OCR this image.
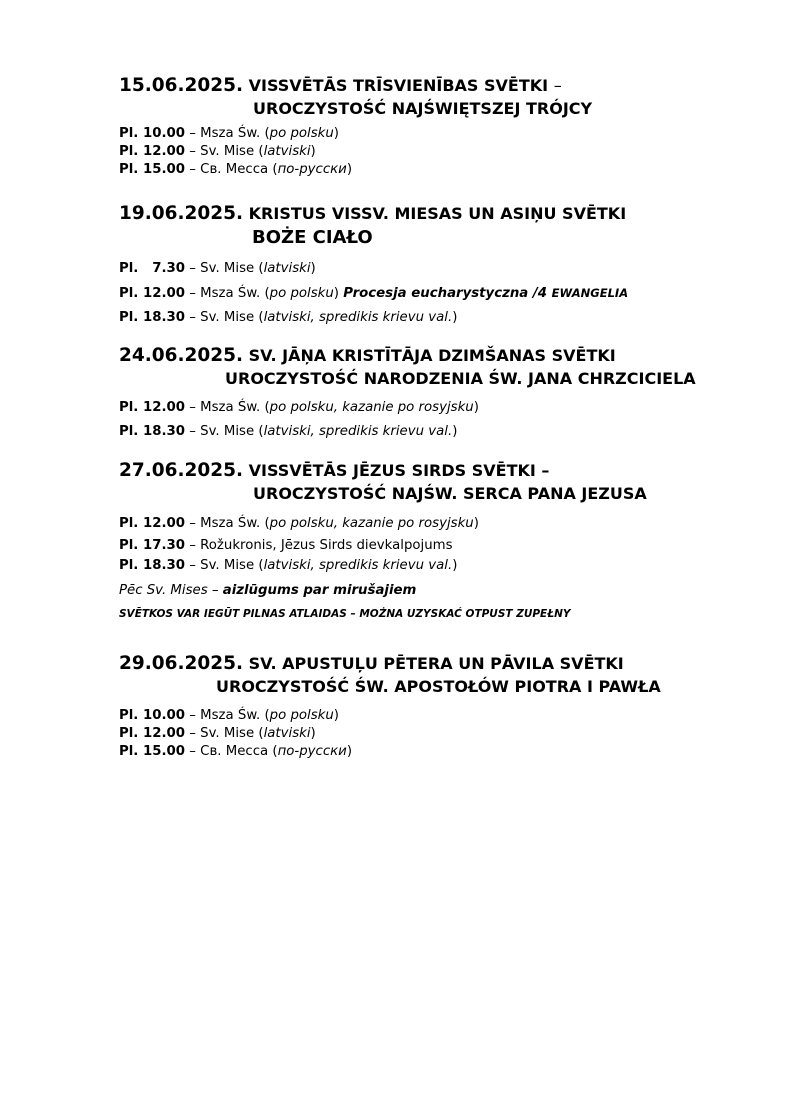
15.06.2025. VISSVĒTĀS TRĪSVIENĪBAS SVĒTKI –
UROCZYSTOŚĆ NAJŚWIĘTSZEJ TRÓJCY
Pl. 10.00 – Msza Św. (po polsku)
Pl. 12.00 – Sv. Mise (latviski)
Pl. 15.00 – Св. Месса (по-русски)
19.06.2025. KRISTUS VISSV. MIESAS UN ASIŅU SVĒTKI
BOŻE CIAŁO
Pl.   7.30 – Sv. Mise (latviski)
Pl. 12.00 – Msza Św. (po polsku) Procesja eucharystyczna /4 EWANGELIA
Pl. 18.30 – Sv. Mise (latviski, spredikis krievu val.)
24.06.2025. SV. JĀŅA KRISTĪTĀJA DZIMŠANAS SVĒTKI
UROCZYSTOŚĆ NARODZENIA ŚW. JANA CHRZCICIELA
Pl. 12.00 – Msza Św. (po polsku, kazanie po rosyjsku)
Pl. 18.30 – Sv. Mise (latviski, spredikis krievu val.)
27.06.2025. VISSVĒTĀS JĒZUS SIRDS SVĒTKI –
UROCZYSTOŚĆ NAJŚW. SERCA PANA JEZUSA
Pl. 12.00 – Msza Św. (po polsku, kazanie po rosyjsku)
Pl. 17.30 – Rožukronis, Jēzus Sirds dievkalpojums
Pl. 18.30 – Sv. Mise (latviski, spredikis krievu val.)
Pēc Sv. Mises – aizlūgums par mirušajiem
SVĒTKOS VAR IEGŪT PILNAS ATLAIDAS – MOŻNA UZYSKAĆ OTPUST ZUPEŁNY
29.06.2025. SV. APUSTUĻU PĒTERA UN PĀVILA SVĒTKI
UROCZYSTOŚĆ ŚW. APOSTOŁÓW PIOTRA I PAWŁA
Pl. 10.00 – Msza Św. (po polsku)
Pl. 12.00 – Sv. Mise (latviski)
Pl. 15.00 – Св. Месса (по-русски)
